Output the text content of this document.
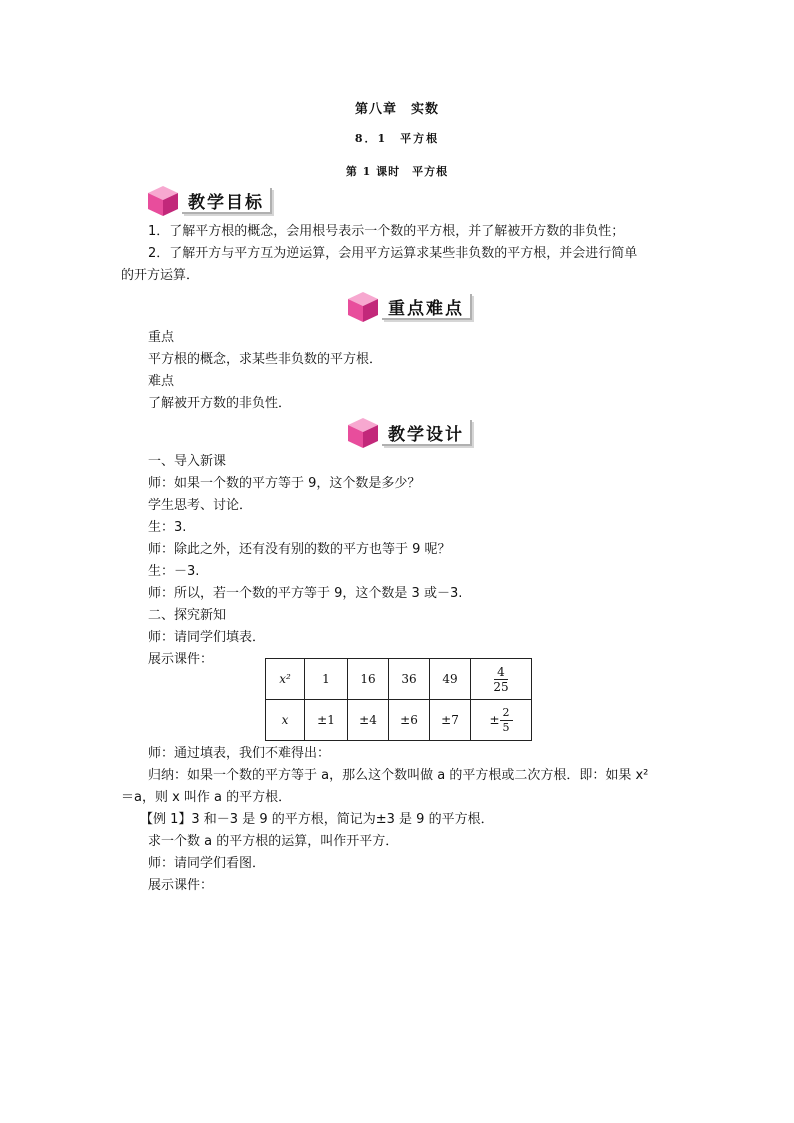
第八章　实数
8．1　平方根
第 1 课时　平方根
教学目标
1．了解平方根的概念，会用根号表示一个数的平方根，并了解被开方数的非负性；
2．了解开方与平方互为逆运算，会用平方运算求某些非负数的平方根，并会进行简单
的开方运算．
重点难点
重点
平方根的概念，求某些非负数的平方根．
难点
了解被开方数的非负性．
教学设计
一、导入新课
师：如果一个数的平方等于 9，这个数是多少？
学生思考、讨论．
生：3.
师：除此之外，还有没有别的数的平方也等于 9 呢？
生：－3.
师：所以，若一个数的平方等于 9，这个数是 3 或－3.
二、探究新知
师：请同学们填表．
展示课件：
x²	1	16	36	49	$\frac{4}{25}$

x	±1	±4	±6	±7	± $\frac{2}{5}$
师：通过填表，我们不难得出：
归纳：如果一个数的平方等于 a，那么这个数叫做 a 的平方根或二次方根．即：如果 x²
＝a，则 x 叫作 a 的平方根．
【例 1】3 和－3 是 9 的平方根，简记为±3 是 9 的平方根．
求一个数 a 的平方根的运算，叫作开平方．
师：请同学们看图．
展示课件：
